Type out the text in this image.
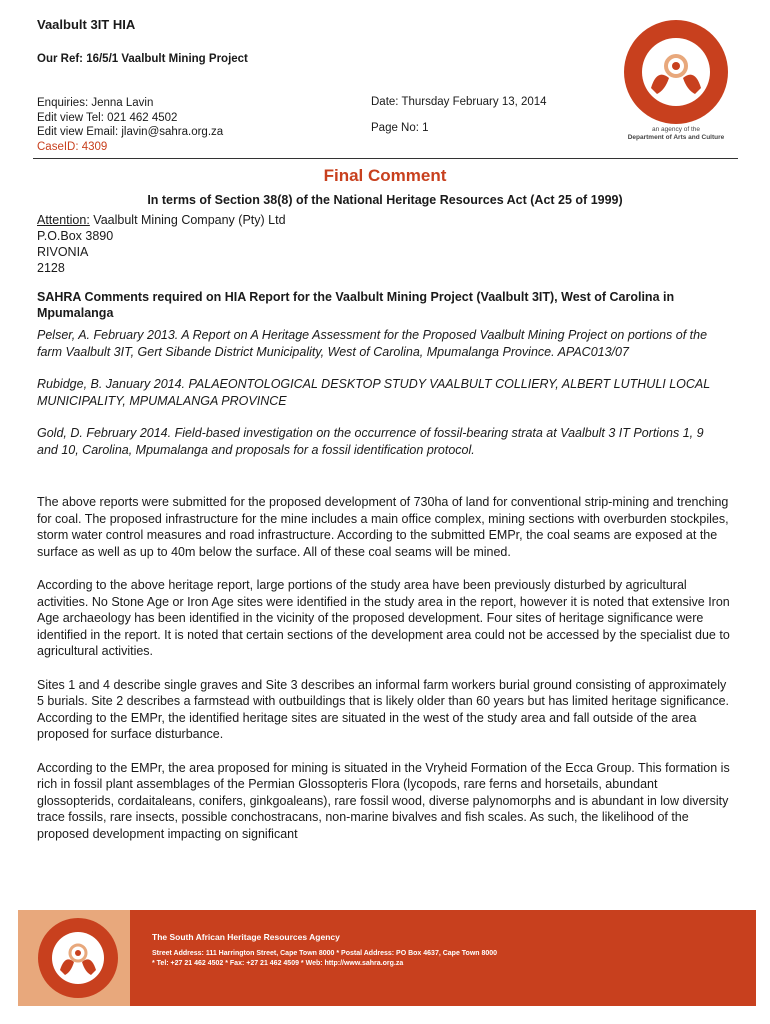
Vaalbult 3IT HIA
Our Ref: 16/5/1 Vaalbult Mining Project
Enquiries: Jenna Lavin
Edit view Tel: 021 462 4502
Edit view Email: jlavin@sahra.org.za
CaseID: 4309
Date: Thursday February 13, 2014
Page No: 1	an agency of the
Department of Arts and Culture
Final Comment
In terms of Section 38(8) of the National Heritage Resources Act (Act 25 of 1999)
Attention: Vaalbult Mining Company (Pty) Ltd
P.O.Box 3890
RIVONIA
2128
SAHRA Comments required on HIA Report for the Vaalbult Mining Project (Vaalbult 3IT), West of Carolina in Mpumalanga

Pelser, A. February 2013. A Report on A Heritage Assessment for the Proposed Vaalbult Mining Project on portions of the farm Vaalbult 3IT, Gert Sibande District Municipality, West of Carolina, Mpumalanga Province. APAC013/07

Rubidge, B. January 2014. PALAEONTOLOGICAL DESKTOP STUDY VAALBULT COLLIERY, ALBERT LUTHULI LOCAL MUNICIPALITY, MPUMALANGA PROVINCE

Gold, D. February 2014. Field-based investigation on the occurrence of fossil-bearing strata at Vaalbult 3 IT Portions 1, 9 and 10, Carolina, Mpumalanga and proposals for a fossil identification protocol.

The above reports were submitted for the proposed development of 730ha of land for conventional strip-mining and trenching for coal. The proposed infrastructure for the mine includes a main office complex, mining sections with overburden stockpiles, storm water control measures and road infrastructure. According to the submitted EMPr, the coal seams are exposed at the surface as well as up to 40m below the surface. All of these coal seams will be mined.

According to the above heritage report, large portions of the study area have been previously disturbed by agricultural activities. No Stone Age or Iron Age sites were identified in the study area in the report, however it is noted that extensive Iron Age archaeology has been identified in the vicinity of the proposed development. Four sites of heritage significance were identified in the report. It is noted that certain sections of the development area could not be accessed by the specialist due to agricultural activities.

Sites 1 and 4 describe single graves and Site 3 describes an informal farm workers burial ground consisting of approximately 5 burials. Site 2 describes a farmstead with outbuildings that is likely older than 60 years but has limited heritage significance. According to the EMPr, the identified heritage sites are situated in the west of the study area and fall outside of the area proposed for surface disturbance.

According to the EMPr, the area proposed for mining is situated in the Vryheid Formation of the Ecca Group. This formation is rich in fossil plant assemblages of the Permian Glossopteris Flora (lycopods, rare ferns and horsetails, abundant glossopterids, cordaitaleans, conifers, ginkgoaleans), rare fossil wood, diverse palynomorphs and is abundant in low diversity trace fossils, rare insects, possible conchostracans, non-marine bivalves and fish scales. As such, the likelihood of the proposed development impacting on significant

The South African Heritage Resources Agency
Street Address: 111 Harrington Street, Cape Town 8000 * Postal Address: PO Box 4637, Cape Town 8000
* Tel: +27 21 462 4502 * Fax: +27 21 462 4509 * Web: http://www.sahra.org.za
